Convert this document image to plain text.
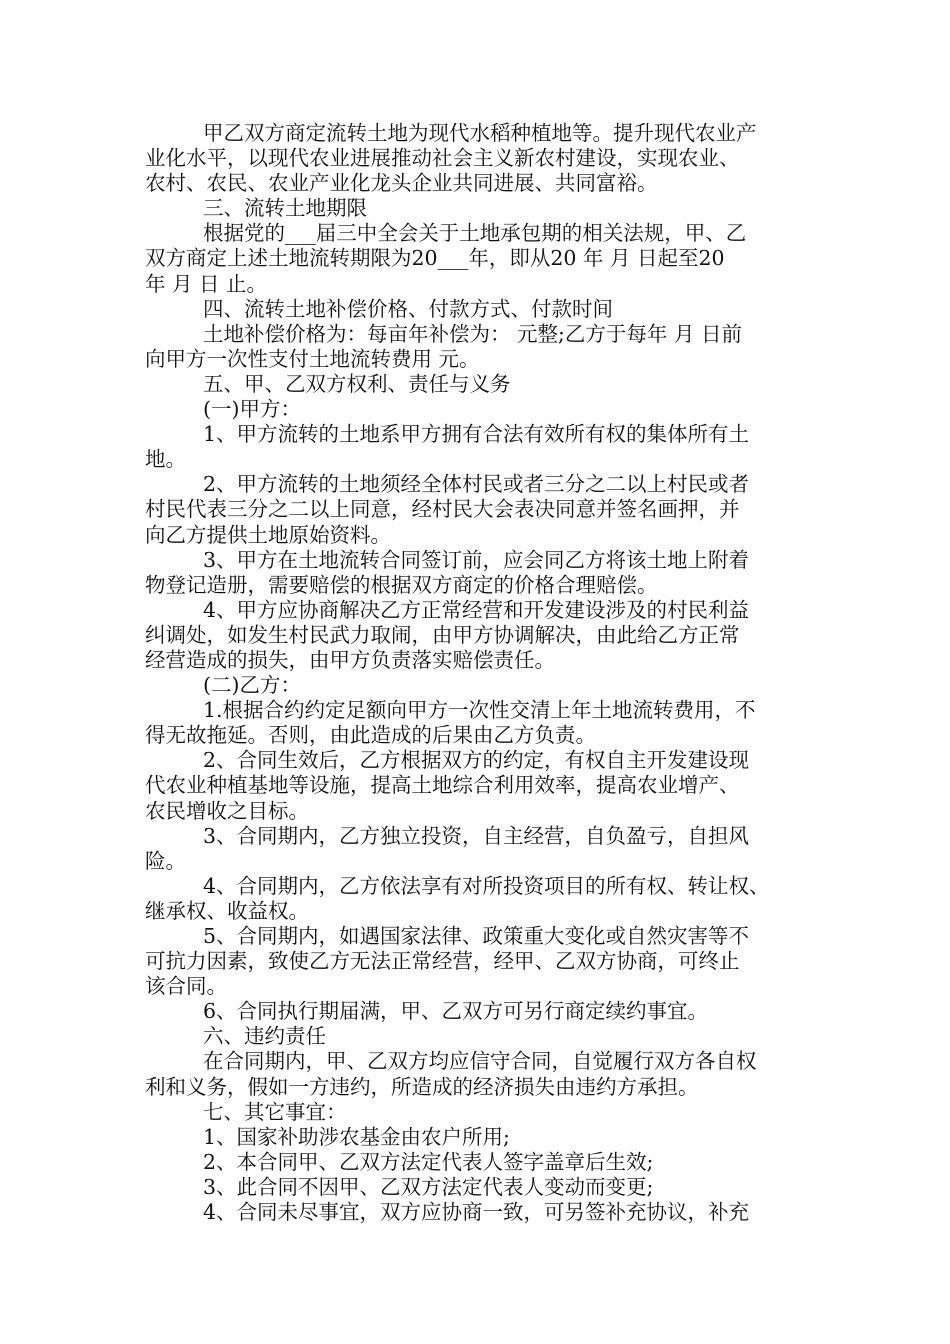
甲乙双方商定流转土地为现代水稻种植地等。提升现代农业产
业化水平，以现代农业进展推动社会主义新农村建设，实现农业、
农村、农民、农业产业化龙头企业共同进展、共同富裕。
三、流转土地期限
根据党的___届三中全会关于土地承包期的相关法规，甲、乙
双方商定上述土地流转期限为20___年，即从20 年 月 日起至20
年 月 日 止。
四、流转土地补偿价格、付款方式、付款时间
土地补偿价格为：每亩年补偿为： 元整;乙方于每年 月 日前
向甲方一次性支付土地流转费用 元。
五、甲、乙双方权利、责任与义务
(一)甲方：
1、甲方流转的土地系甲方拥有合法有效所有权的集体所有土
地。
2、甲方流转的土地须经全体村民或者三分之二以上村民或者
村民代表三分之二以上同意，经村民大会表决同意并签名画押，并
向乙方提供土地原始资料。
3、甲方在土地流转合同签订前，应会同乙方将该土地上附着
物登记造册，需要赔偿的根据双方商定的价格合理赔偿。
4、甲方应协商解决乙方正常经营和开发建设涉及的村民利益
纠调处，如发生村民武力取闹，由甲方协调解决，由此给乙方正常
经营造成的损失，由甲方负责落实赔偿责任。
(二)乙方：
1.根据合约约定足额向甲方一次性交清上年土地流转费用，不
得无故拖延。否则，由此造成的后果由乙方负责。
2、合同生效后，乙方根据双方的约定，有权自主开发建设现
代农业种植基地等设施，提高土地综合利用效率，提高农业增产、
农民增收之目标。
3、合同期内，乙方独立投资，自主经营，自负盈亏，自担风
险。
4、合同期内，乙方依法享有对所投资项目的所有权、转让权、
继承权、收益权。
5、合同期内，如遇国家法律、政策重大变化或自然灾害等不
可抗力因素，致使乙方无法正常经营，经甲、乙双方协商，可终止
该合同。
6、合同执行期届满，甲、乙双方可另行商定续约事宜。
六、违约责任
在合同期内，甲、乙双方均应信守合同，自觉履行双方各自权
利和义务，假如一方违约，所造成的经济损失由违约方承担。
七、其它事宜：
1、国家补助涉农基金由农户所用;
2、本合同甲、乙双方法定代表人签字盖章后生效;
3、此合同不因甲、乙双方法定代表人变动而变更;
4、合同未尽事宜，双方应协商一致，可另签补充协议，补充
